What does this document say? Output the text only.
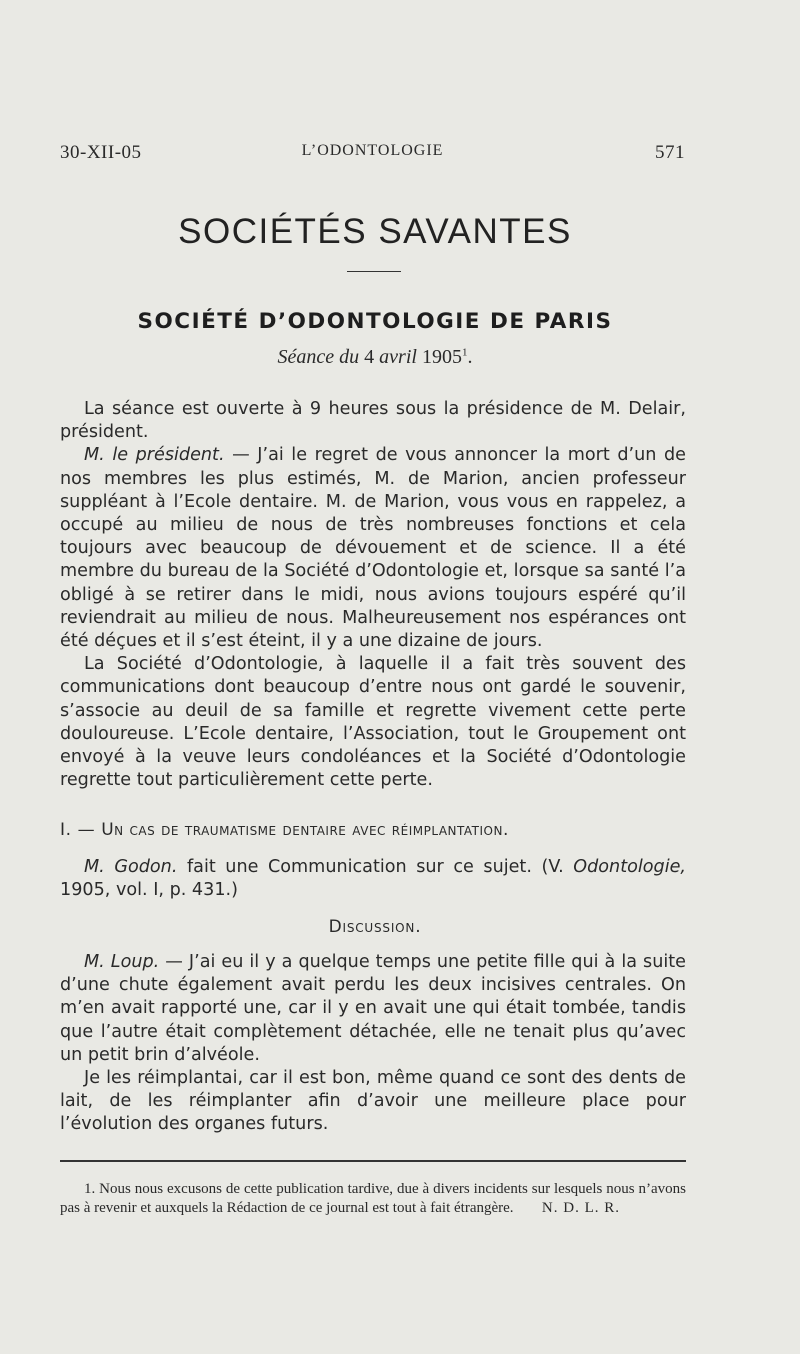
30-XII-05	L’ODONTOLOGIE	571
SOCIÉTÉS SAVANTES
SOCIÉTÉ D’ODONTOLOGIE DE PARIS
Séance du 4 avril 1905$^1$.

La séance est ouverte à 9 heures sous la présidence de M. Delair, président.

M. le président. — J’ai le regret de vous annoncer la mort d’un de nos membres les plus estimés, M. de Marion, ancien professeur suppléant à l’Ecole dentaire. M. de Marion, vous vous en rappelez, a occupé au milieu de nous de très nombreuses fonctions et cela toujours avec beaucoup de dévouement et de science. Il a été membre du bureau de la Société d’Odontologie et, lorsque sa santé l’a obligé à se retirer dans le midi, nous avions toujours espéré qu’il reviendrait au milieu de nous. Malheureusement nos espérances ont été déçues et il s’est éteint, il y a une dizaine de jours.

La Société d’Odontologie, à laquelle il a fait très souvent des communications dont beaucoup d’entre nous ont gardé le souvenir, s’associe au deuil de sa famille et regrette vivement cette perte douloureuse. L’Ecole dentaire, l’Association, tout le Groupement ont envoyé à la veuve leurs condoléances et la Société d’Odontologie regrette tout particulièrement cette perte.

I. — Un cas de traumatisme dentaire avec réimplantation.

M. Godon. fait une Communication sur ce sujet. (V. Odontologie, 1905, vol. I, p. 431.)

Discussion.

M. Loup. — J’ai eu il y a quelque temps une petite fille qui à la suite d’une chute également avait perdu les deux incisives centrales. On m’en avait rapporté une, car il y en avait une qui était tombée, tandis que l’autre était complètement détachée, elle ne tenait plus qu’avec un petit brin d’alvéole.

Je les réimplantai, car il est bon, même quand ce sont des dents de lait, de les réimplanter afin d’avoir une meilleure place pour l’évolution des organes futurs.

1. Nous nous excusons de cette publication tardive, due à divers incidents sur lesquels nous n’avons pas à revenir et auxquels la Rédaction de ce journal est tout à fait étrangère.	N. D. L. R.
